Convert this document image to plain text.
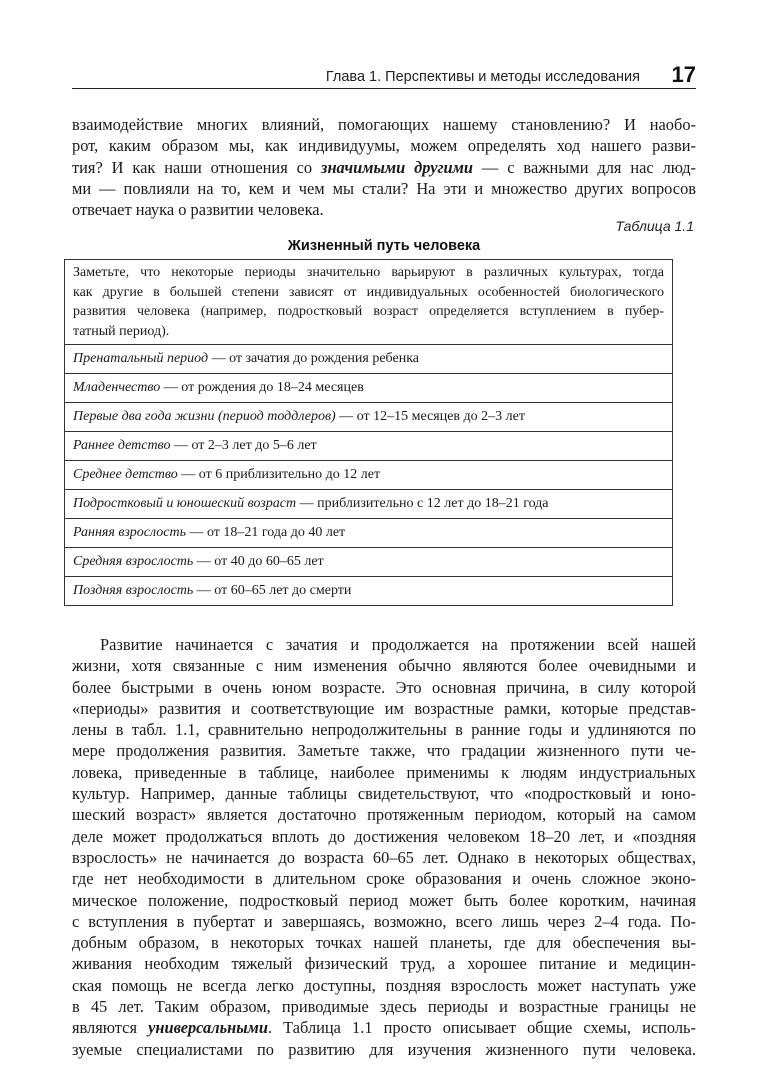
Глава 1. Перспективы и методы исследования 17

взаимодействие многих влияний, помогающих нашему становлению? И наобо-
рот, каким образом мы, как индивидуумы, можем определять ход нашего разви-
тия? И как наши отношения со значимыми другими — с важными для нас люд-
ми — повлияли на то, кем и чем мы стали? На эти и множество других вопросов
отвечает наука о развитии человека.

Таблица 1.1
Жизненный путь человека
Заметьте, что некоторые периоды значительно варьируют в различных культурах, тогда
как другие в большей степени зависят от индивидуальных особенностей биологического
развития человека (например, подростковый возраст определяется вступлением в пубер-
татный период).

Пренатальный период — от зачатия до рождения ребенка
Младенчество — от рождения до 18–24 месяцев
Первые два года жизни (период тоддлеров) — от 12–15 месяцев до 2–3 лет
Раннее детство — от 2–3 лет до 5–6 лет
Среднее детство — от 6 приблизительно до 12 лет
Подростковый и юношеский возраст — приблизительно с 12 лет до 18–21 года
Ранняя взрослость — от 18–21 года до 40 лет
Средняя взрослость — от 40 до 60–65 лет
Поздняя взрослость — от 60–65 лет до смерти

Развитие начинается с зачатия и продолжается на протяжении всей нашей
жизни, хотя связанные с ним изменения обычно являются более очевидными и
более быстрыми в очень юном возрасте. Это основная причина, в силу которой
«периоды» развития и соответствующие им возрастные рамки, которые представ-
лены в табл. 1.1, сравнительно непродолжительны в ранние годы и удлиняются по
мере продолжения развития. Заметьте также, что градации жизненного пути че-
ловека, приведенные в таблице, наиболее применимы к людям индустриальных
культур. Например, данные таблицы свидетельствуют, что «подростковый и юно-
шеский возраст» является достаточно протяженным периодом, который на самом
деле может продолжаться вплоть до достижения человеком 18–20 лет, и «поздняя
взрослость» не начинается до возраста 60–65 лет. Однако в некоторых обществах,
где нет необходимости в длительном сроке образования и очень сложное эконо-
мическое положение, подростковый период может быть более коротким, начиная
с вступления в пубертат и завершаясь, возможно, всего лишь через 2–4 года. По-
добным образом, в некоторых точках нашей планеты, где для обеспечения вы-
живания необходим тяжелый физический труд, а хорошее питание и медицин-
ская помощь не всегда легко доступны, поздняя взрослость может наступать уже
в 45 лет. Таким образом, приводимые здесь периоды и возрастные границы не
являются универсальными. Таблица 1.1 просто описывает общие схемы, исполь-
зуемые специалистами по развитию для изучения жизненного пути человека.
